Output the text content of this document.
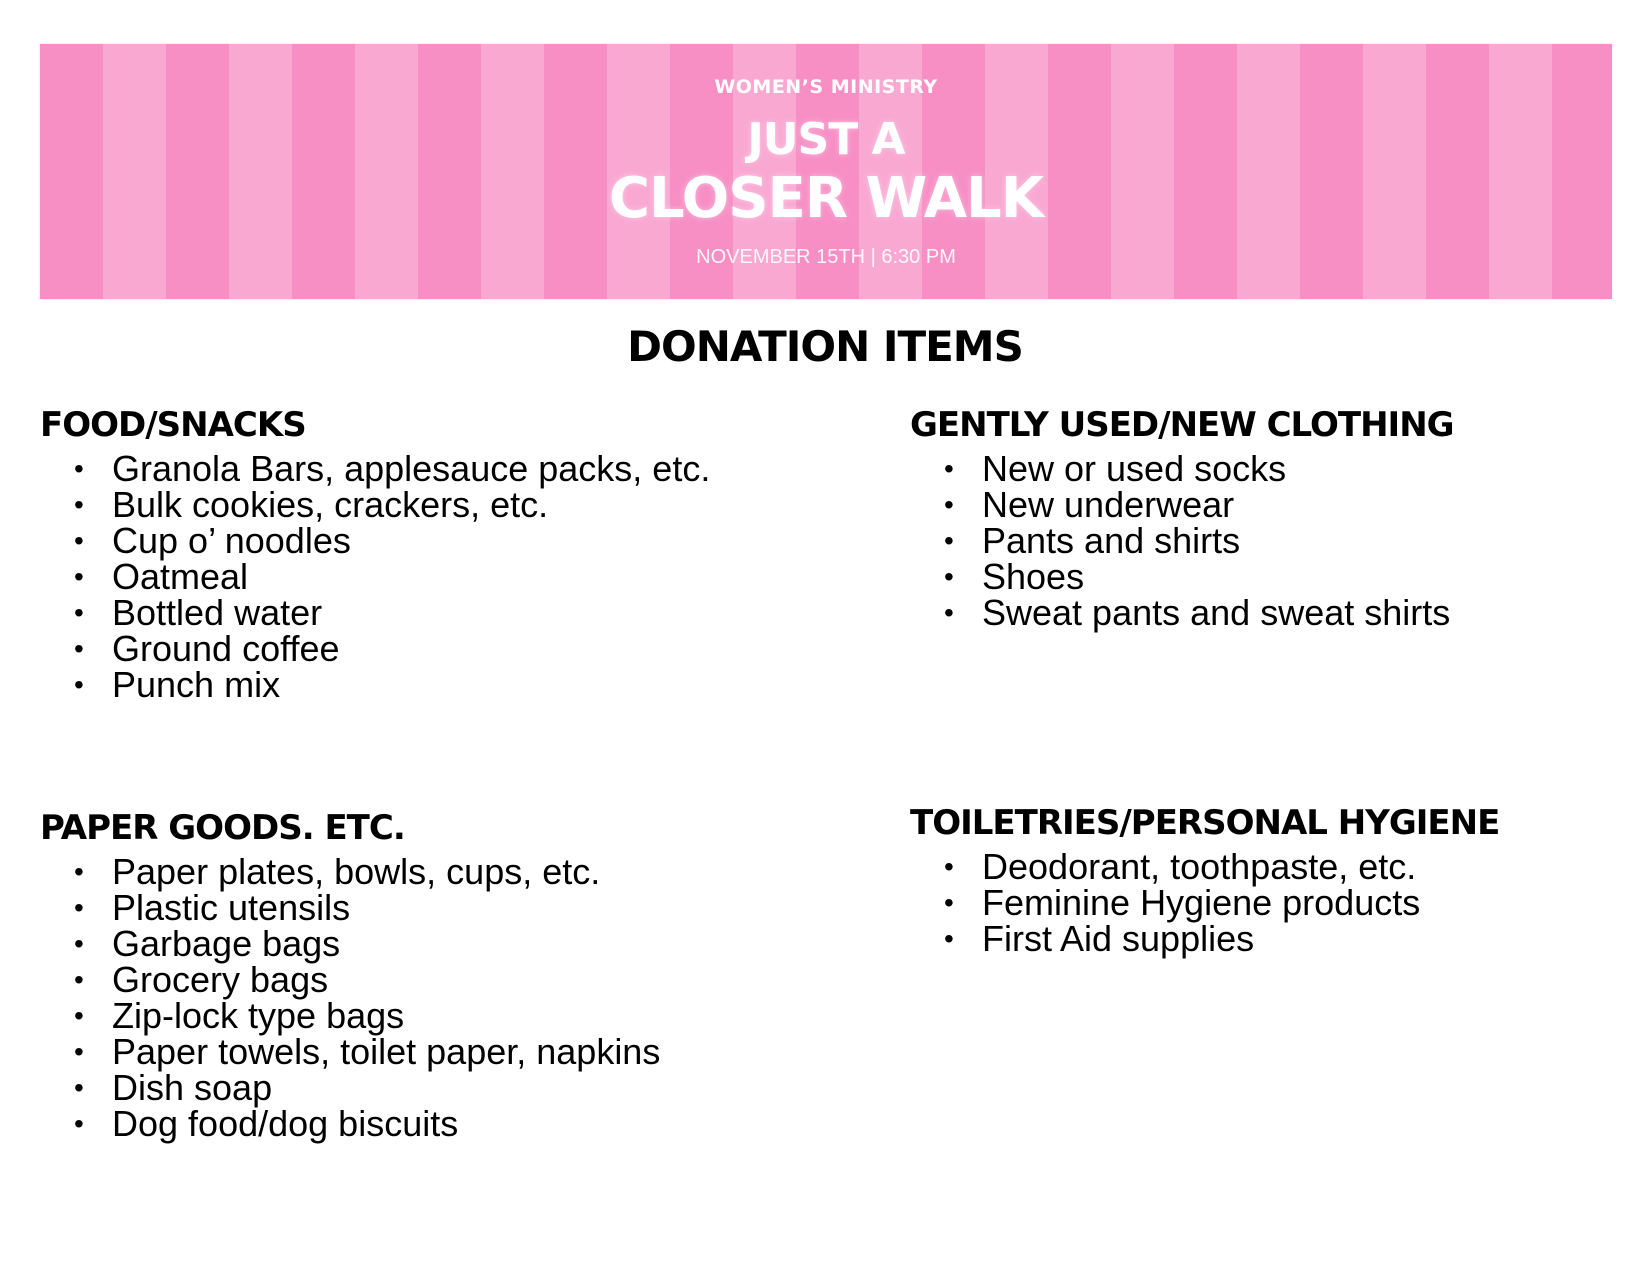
WOMEN’S MINISTRY
JUST A
CLOSER WALK
NOVEMBER 15TH | 6:30 PM
DONATION ITEMS
FOOD/SNACKS
• Granola Bars, applesauce packs, etc.
• Bulk cookies, crackers, etc.
• Cup o’ noodles
• Oatmeal
• Bottled water
• Ground coffee
• Punch mix
GENTLY USED/NEW CLOTHING
• New or used socks
• New underwear
• Pants and shirts
• Shoes
• Sweat pants and sweat shirts
PAPER GOODS. ETC.
• Paper plates, bowls, cups, etc.
• Plastic utensils
• Garbage bags
• Grocery bags
• Zip-lock type bags
• Paper towels, toilet paper, napkins
• Dish soap
• Dog food/dog biscuits
TOILETRIES/PERSONAL HYGIENE
• Deodorant, toothpaste, etc.
• Feminine Hygiene products
• First Aid supplies
